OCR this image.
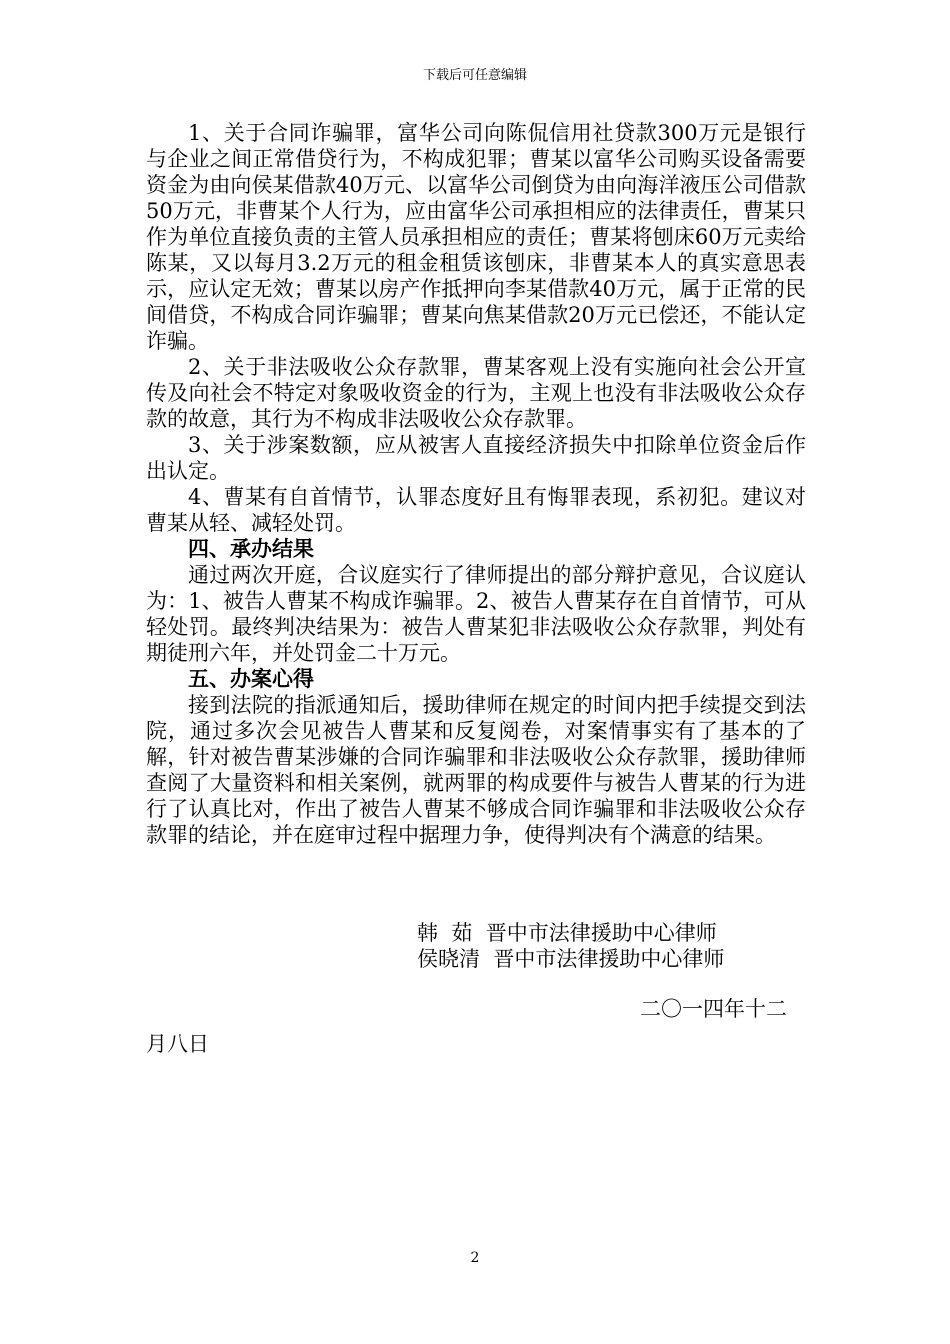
下载后可任意编辑

1、关于合同诈骗罪，富华公司向陈侃信用社贷款300万元是银行与企业之间正常借贷行为，不构成犯罪；曹某以富华公司购买设备需要资金为由向侯某借款40万元、以富华公司倒贷为由向海洋液压公司借款50万元，非曹某个人行为，应由富华公司承担相应的法律责任，曹某只作为单位直接负责的主管人员承担相应的责任；曹某将刨床60万元卖给陈某，又以每月3.2万元的租金租赁该刨床，非曹某本人的真实意思表示，应认定无效；曹某以房产作抵押向李某借款40万元，属于正常的民间借贷，不构成合同诈骗罪；曹某向焦某借款20万元已偿还，不能认定诈骗。

2、关于非法吸收公众存款罪，曹某客观上没有实施向社会公开宣传及向社会不特定对象吸收资金的行为，主观上也没有非法吸收公众存款的故意，其行为不构成非法吸收公众存款罪。

3、关于涉案数额，应从被害人直接经济损失中扣除单位资金后作出认定。

4、曹某有自首情节，认罪态度好且有悔罪表现，系初犯。建议对曹某从轻、减轻处罚。

四、承办结果

通过两次开庭，合议庭实行了律师提出的部分辩护意见，合议庭认为：1、被告人曹某不构成诈骗罪。2、被告人曹某存在自首情节，可从轻处罚。最终判决结果为：被告人曹某犯非法吸收公众存款罪，判处有期徒刑六年，并处罚金二十万元。

五、办案心得

接到法院的指派通知后，援助律师在规定的时间内把手续提交到法院，通过多次会见被告人曹某和反复阅卷，对案情事实有了基本的了解，针对被告曹某涉嫌的合同诈骗罪和非法吸收公众存款罪，援助律师查阅了大量资料和相关案例，就两罪的构成要件与被告人曹某的行为进行了认真比对，作出了被告人曹某不够成合同诈骗罪和非法吸收公众存款罪的结论，并在庭审过程中据理力争，使得判决有个满意的结果。

韩  茹  晋中市法律援助中心律师
侯晓清  晋中市法律援助中心律师
二〇一四年十二
月八日
2
